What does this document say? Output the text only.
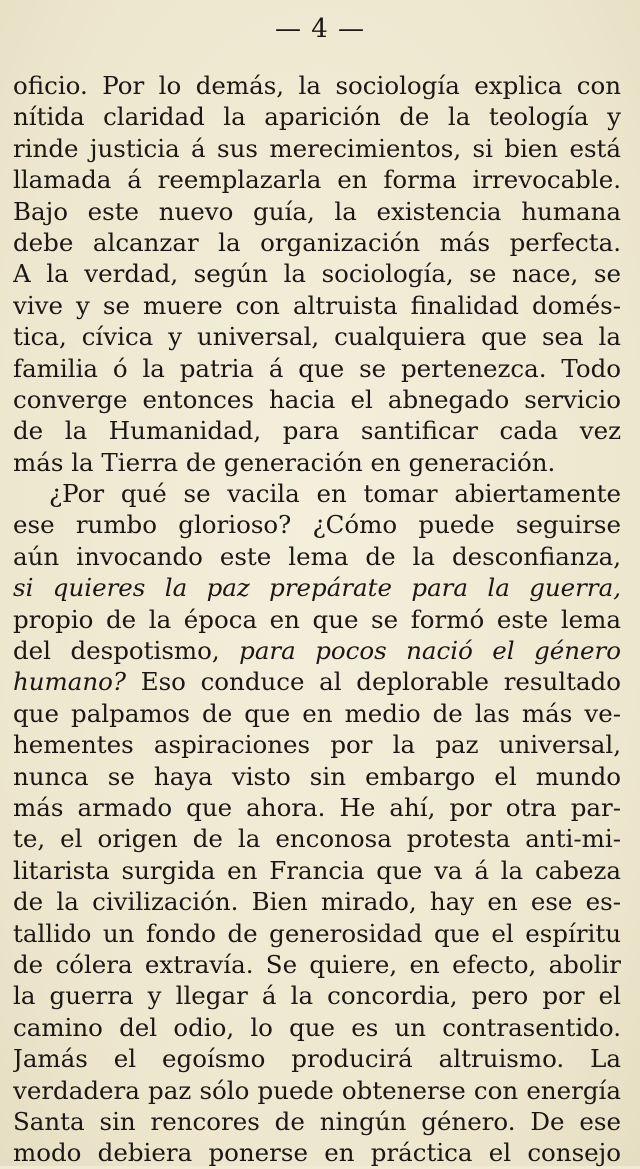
— 4 —
oficio. Por lo demás, la sociología explica con
nítida claridad la aparición de la teología y
rinde justicia á sus merecimientos, si bien está
llamada á reemplazarla en forma irrevocable.
Bajo este nuevo guía, la existencia humana
debe alcanzar la organización más perfecta.
A la verdad, según la sociología, se nace, se
vive y se muere con altruista finalidad domés-
tica, cívica y universal, cualquiera que sea la
familia ó la patria á que se pertenezca. Todo
converge entonces hacia el abnegado servicio
de la Humanidad, para santificar cada vez
más la Tierra de generación en generación.
¿Por qué se vacila en tomar abiertamente
ese rumbo glorioso? ¿Cómo puede seguirse
aún invocando este lema de la desconfianza,
si quieres la paz prepárate para la guerra,
propio de la época en que se formó este lema
del despotismo, para pocos nació el género
humano? Eso conduce al deplorable resultado
que palpamos de que en medio de las más ve-
hementes aspiraciones por la paz universal,
nunca se haya visto sin embargo el mundo
más armado que ahora. He ahí, por otra par-
te, el origen de la enconosa protesta anti-mi-
litarista surgida en Francia que va á la cabeza
de la civilización. Bien mirado, hay en ese es-
tallido un fondo de generosidad que el espíritu
de cólera extravía. Se quiere, en efecto, abolir
la guerra y llegar á la concordia, pero por el
camino del odio, lo que es un contrasentido.
Jamás el egoísmo producirá altruismo. La
verdadera paz sólo puede obtenerse con energía
Santa sin rencores de ningún género. De ese
modo debiera ponerse en práctica el consejo
